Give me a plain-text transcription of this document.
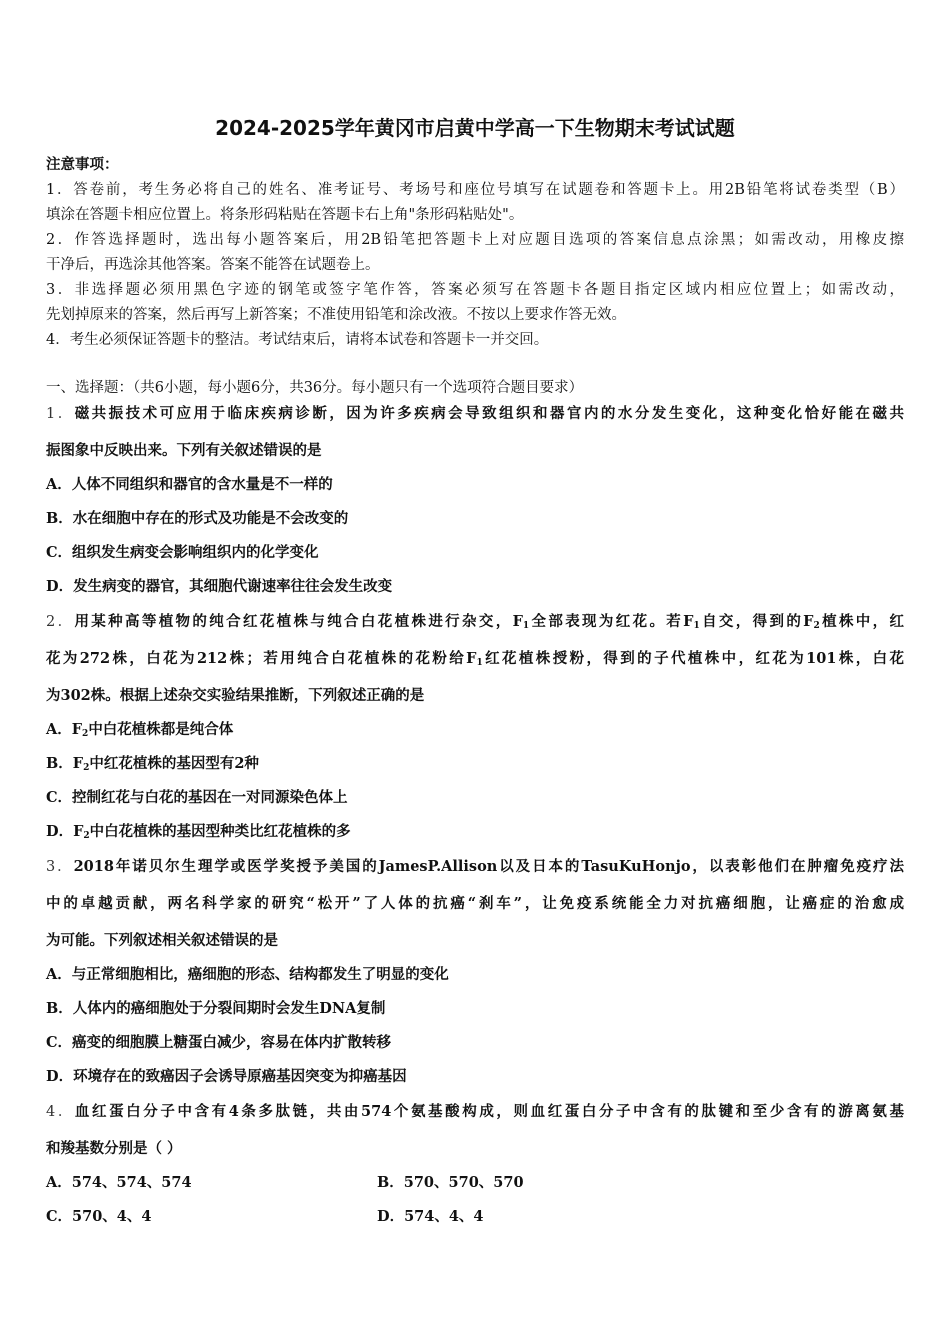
2024-2025学年黄冈市启黄中学高一下生物期末考试试题
注意事项：
1．答卷前，考生务必将自己的姓名、准考证号、考场号和座位号填写在试题卷和答题卡上。用2B铅笔将试卷类型（B）
填涂在答题卡相应位置上。将条形码粘贴在答题卡右上角"条形码粘贴处"。
2．作答选择题时，选出每小题答案后，用2B铅笔把答题卡上对应题目选项的答案信息点涂黑；如需改动，用橡皮擦
干净后，再选涂其他答案。答案不能答在试题卷上。
3．非选择题必须用黑色字迹的钢笔或签字笔作答，答案必须写在答题卡各题目指定区域内相应位置上；如需改动，
先划掉原来的答案，然后再写上新答案；不准使用铅笔和涂改液。不按以上要求作答无效。
4．考生必须保证答题卡的整洁。考试结束后，请将本试卷和答题卡一并交回。
一、选择题：（共6小题，每小题6分，共36分。每小题只有一个选项符合题目要求）
1．磁共振技术可应用于临床疾病诊断，因为许多疾病会导致组织和器官内的水分发生变化，这种变化恰好能在磁共
振图象中反映出来。下列有关叙述错误的是
A．人体不同组织和器官的含水量是不一样的
B．水在细胞中存在的形式及功能是不会改变的
C．组织发生病变会影响组织内的化学变化
D．发生病变的器官，其细胞代谢速率往往会发生改变
2．用某种高等植物的纯合红花植株与纯合白花植株进行杂交，$F_1$全部表现为红花。若$F_1$自交，得到的$F_2$植株中，红
花为272株，白花为212株；若用纯合白花植株的花粉给$F_1$红花植株授粉，得到的子代植株中，红花为101株，白花
为302株。根据上述杂交实验结果推断，下列叙述正确的是
A．$F_2$中白花植株都是纯合体
B．$F_2$中红花植株的基因型有2种
C．控制红花与白花的基因在一对同源染色体上
D．$F_2$中白花植株的基因型种类比红花植株的多
3．2018年诺贝尔生理学或医学奖授予美国的JamesP.Allison以及日本的TasuKuHonjo，以表彰他们在肿瘤免疫疗法
中的卓越贡献，两名科学家的研究“松开”了人体的抗癌“刹车”，让免疫系统能全力对抗癌细胞，让癌症的治愈成
为可能。下列叙述相关叙述错误的是
A．与正常细胞相比，癌细胞的形态、结构都发生了明显的变化
B．人体内的癌细胞处于分裂间期时会发生DNA复制
C．癌变的细胞膜上糖蛋白减少，容易在体内扩散转移
D．环境存在的致癌因子会诱导原癌基因突变为抑癌基因
4．血红蛋白分子中含有4条多肽链，共由574个氨基酸构成，则血红蛋白分子中含有的肽键和至少含有的游离氨基
和羧基数分别是（ ）
A．574、574、574	B．570、570、570
C．570、4、4	D．574、4、4
